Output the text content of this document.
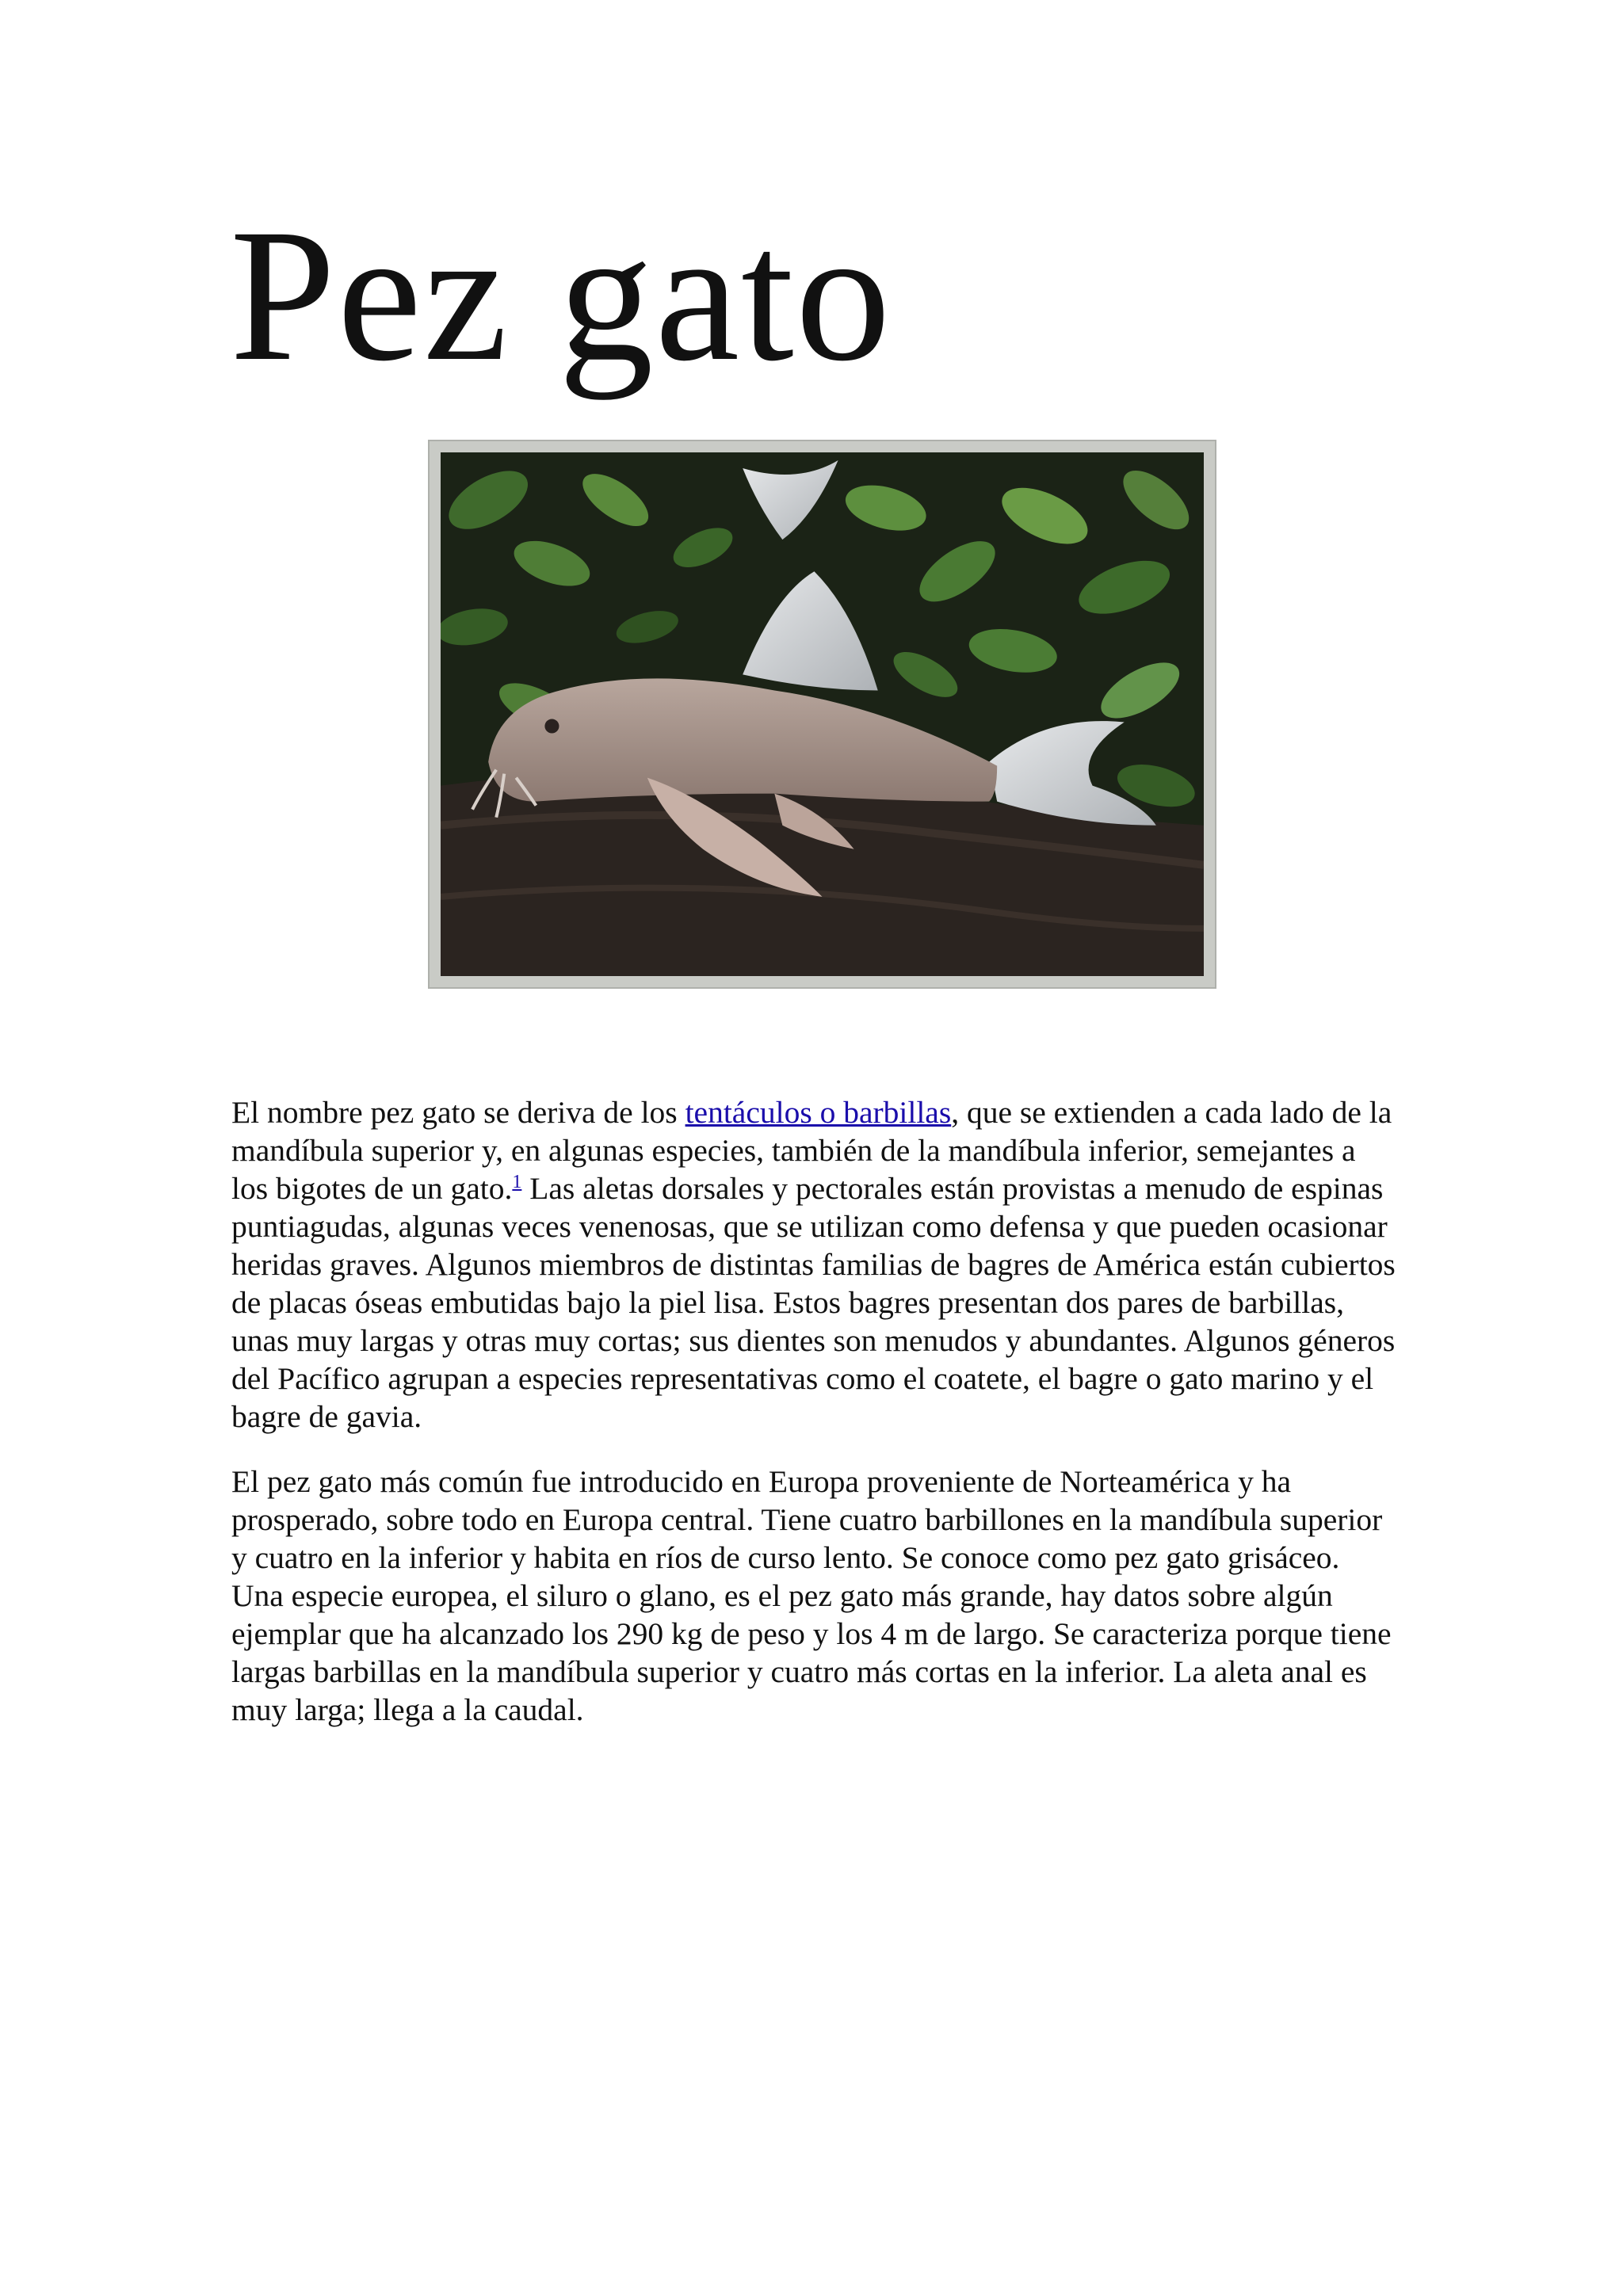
Pez gato

El nombre pez gato se deriva de los tentáculos o barbillas, que se extienden a cada lado de la mandíbula superior y, en algunas especies, también de la mandíbula inferior, semejantes a los bigotes de un gato.$^1$ Las aletas dorsales y pectorales están provistas a menudo de espinas puntiagudas, algunas veces venenosas, que se utilizan como defensa y que pueden ocasionar heridas graves. Algunos miembros de distintas familias de bagres de América están cubiertos de placas óseas embutidas bajo la piel lisa. Estos bagres presentan dos pares de barbillas, unas muy largas y otras muy cortas; sus dientes son menudos y abundantes. Algunos géneros del Pacífico agrupan a especies representativas como el coatete, el bagre o gato marino y el bagre de gavia.

El pez gato más común fue introducido en Europa proveniente de Norteamérica y ha prosperado, sobre todo en Europa central. Tiene cuatro barbillones en la mandíbula superior y cuatro en la inferior y habita en ríos de curso lento. Se conoce como pez gato grisáceo. Una especie europea, el siluro o glano, es el pez gato más grande, hay datos sobre algún ejemplar que ha alcanzado los 290 kg de peso y los 4 m de largo. Se caracteriza porque tiene largas barbillas en la mandíbula superior y cuatro más cortas en la inferior. La aleta anal es muy larga; llega a la caudal.
